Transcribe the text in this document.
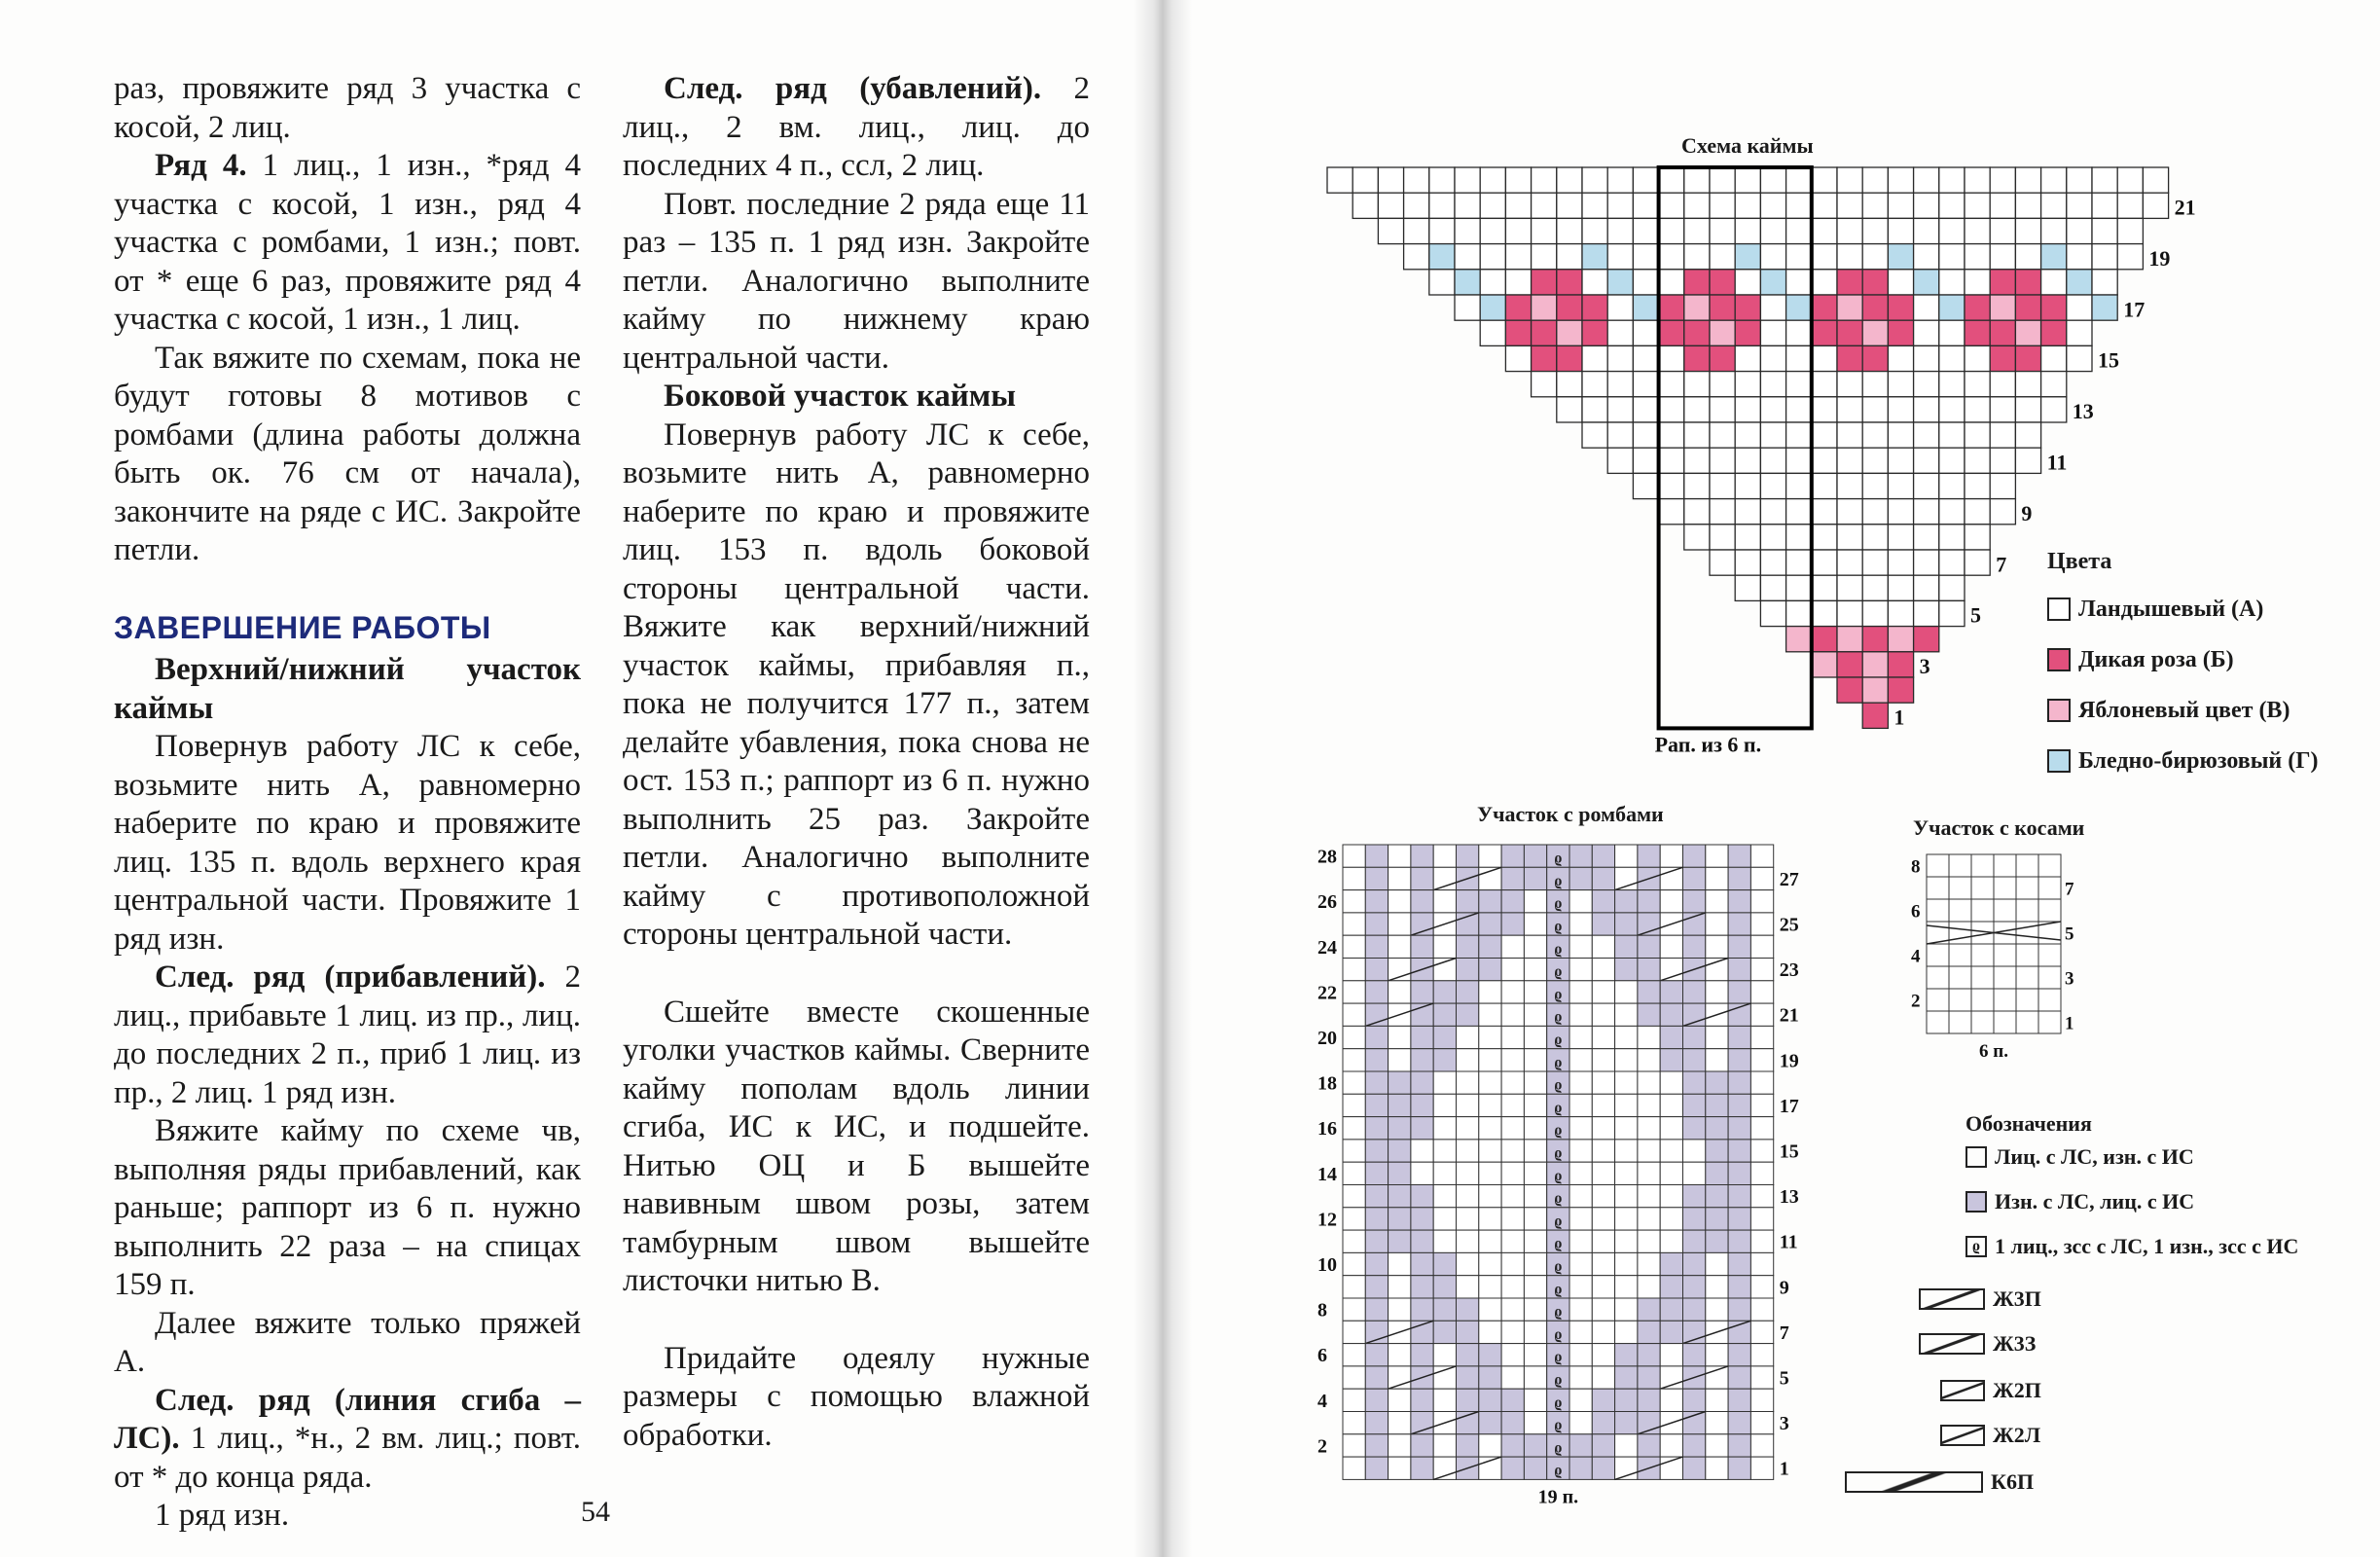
раз, провяжите ряд 3 участка с косой, 2 лиц.

Ряд 4. 1 лиц., 1 изн., *ряд 4 участка с косой, 1 изн., ряд 4 участка с ромбами, 1 изн.; повт. от * еще 6 раз, провяжите ряд 4 участка с косой, 1 изн., 1 лиц.

Так вяжите по схемам, пока не будут готовы 8 мотивов с ромбами (длина работы должна быть ок. 76 см от начала), закончите на ряде с ИС. Закройте петли.

ЗАВЕРШЕНИЕ РАБОТЫ

Верхний/нижний участок каймы

Повернув работу ЛС к себе, возьмите нить А, равномерно наберите по краю и провяжите лиц. 135 п. вдоль верхнего края центральной части. Провяжите 1 ряд изн.

След. ряд (прибавлений). 2 лиц., прибавьте 1 лиц. из пр., лиц. до последних 2 п., приб 1 лиц. из пр., 2 лиц. 1 ряд изн.

Вяжите кайму по схеме чв, выполняя ряды прибавлений, как раньше; раппорт из 6 п. нужно выполнить 22 раза – на спицах 159 п.

Далее вяжите только пряжей А.

След. ряд (линия сгиба – ЛС). 1 лиц., *н., 2 вм. лиц.; повт. от * до конца ряда.

1 ряд изн.

След. ряд (убавлений). 2 лиц., 2 вм. лиц., лиц. до последних 4 п., ссл, 2 лиц.

Повт. последние 2 ряда еще 11 раз – 135 п. 1 ряд изн. Закройте петли. Аналогично выполните кайму по нижнему краю центральной части.

Боковой участок каймы

Повернув работу ЛС к себе, возьмите нить А, равномерно наберите по краю и провяжите лиц. 153 п. вдоль боковой стороны центральной части. Вяжите как верхний/нижний участок каймы, прибавляя п., пока не получится 177 п., затем делайте убавления, пока снова не ост. 153 п.; раппорт из 6 п. нужно выполнить 25 раз. Закройте петли. Аналогично выполните кайму с противоположной стороны центральной части.

Сшейте вместе скошенные уголки участков каймы. Сверните кайму пополам вдоль линии сгиба, ИС к ИС, и подшейте. Нитью ОЦ и Б вышейте навивным швом розы, затем тамбурным швом вышейте листочки нитью В.

Придайте одеялу нужные размеры с помощью влажной обработки.

54
Схема каймы
21
19
17
15
13
11
9
7
5
3
1
Рап. из 6 п.
Цвета
Ландышевый (А)
Дикая роза (Б)
Яблоневый цвет (В)
Бледно-бирюзовый (Г)
Участок с ромбами
ϱ
ϱ
ϱ
ϱ
ϱ
ϱ
ϱ
ϱ
ϱ
ϱ
ϱ
ϱ
ϱ
ϱ
ϱ
ϱ
ϱ
ϱ
ϱ
ϱ
ϱ
ϱ
ϱ
ϱ
ϱ
ϱ
ϱ
ϱ
28
26
24
22
20
18
16
14
12
10
8
6
4
2
27
25
23
21
19
17
15
13
11
9
7
5
3
1
19 п.
Участок с косами
8
6
4
2
7
5
3
1
6 п.
Обозначения
Лиц. с ЛС, изн. с ИС
Изн. с ЛС, лиц. с ИС
ϱ 1 лиц., зсс с ЛС, 1 изн., зсс с ИС
Ж3П
Ж3З
Ж2П
Ж2Л
К6П
